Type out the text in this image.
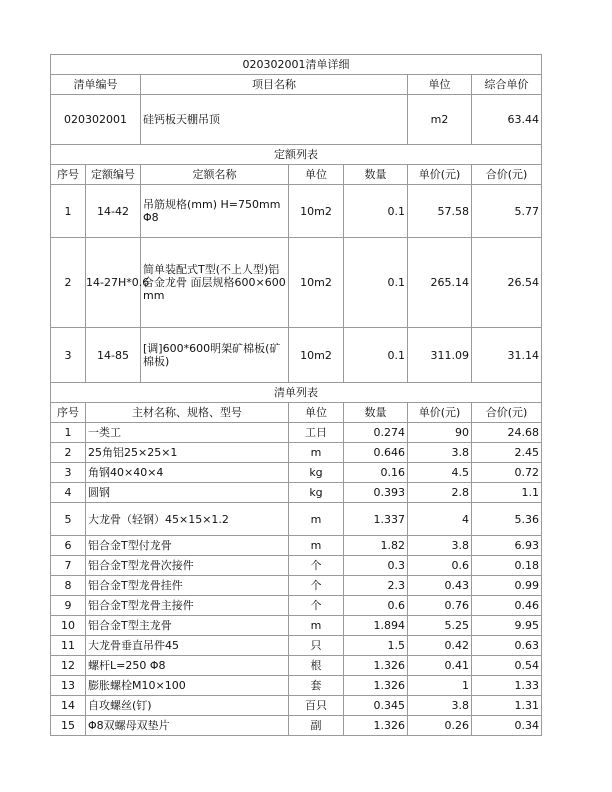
020302001清单详细						
清单编号		项目名称			单位	综合单价
020302001		硅钙板天棚吊顶			m2	63.44
定额列表						
序号	定额编号	定额名称	单位	数量	单价(元)	合价(元)
1	14-42	吊筋规格(mm) H=750mm Φ8	10m2	0.1	57.58	5.77
2	14-27H*0.6	简单装配式T型(不上人型)铝合金龙骨 面层规格600×600mm	10m2	0.1	265.14	26.54
3	14-85	[调]600*600明架矿棉板(矿棉板)	10m2	0.1	311.09	31.14
清单列表						
序号	主材名称、规格、型号		单位	数量	单价(元)	合价(元)
1	一类工		工日	0.274	90	24.68
2	25角铝25×25×1		m	0.646	3.8	2.45
3	角钢40×40×4		kg	0.16	4.5	0.72
4	圆钢		kg	0.393	2.8	1.1
5	大龙骨（轻钢）45×15×1.2		m	1.337	4	5.36
6	铝合金T型付龙骨		m	1.82	3.8	6.93
7	铝合金T型龙骨次接件		个	0.3	0.6	0.18
8	铝合金T型龙骨挂件		个	2.3	0.43	0.99
9	铝合金T型龙骨主接件		个	0.6	0.76	0.46
10	铝合金T型主龙骨		m	1.894	5.25	9.95
11	大龙骨垂直吊件45		只	1.5	0.42	0.63
12	螺杆L=250 Φ8		根	1.326	0.41	0.54
13	膨胀螺栓M10×100		套	1.326	1	1.33
14	自攻螺丝(钉)		百只	0.345	3.8	1.31
15	Φ8双螺母双垫片		副	1.326	0.26	0.34
